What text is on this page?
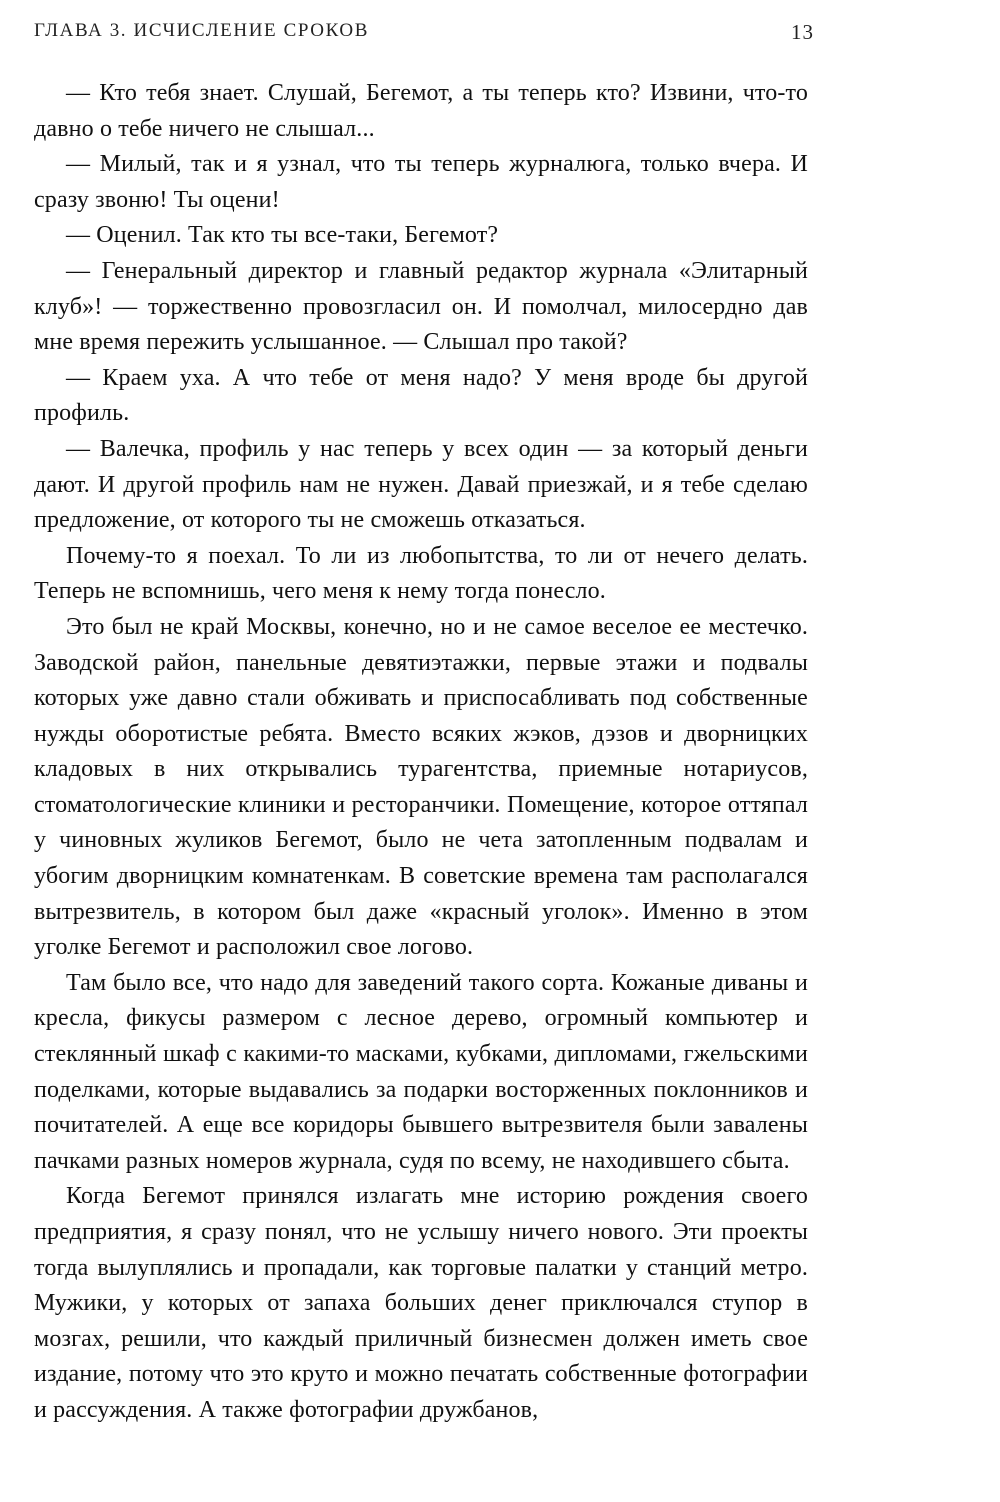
ГЛАВА 3. ИСЧИСЛЕНИЕ СРОКОВ	13

— Кто тебя знает. Слушай, Бегемот, а ты теперь кто? Извини, что-то давно о тебе ничего не слышал...

— Милый, так и я узнал, что ты теперь журналюга, только вчера. И сразу звоню! Ты оцени!

— Оценил. Так кто ты все-таки, Бегемот?

— Генеральный директор и главный редактор журнала «Элитарный клуб»! — торжественно провозгласил он. И помолчал, милосердно дав мне время пережить услышанное. — Слышал про такой?

— Краем уха. А что тебе от меня надо? У меня вроде бы другой профиль.

— Валечка, профиль у нас теперь у всех один — за который деньги дают. И другой профиль нам не нужен. Давай приезжай, и я тебе сделаю предложение, от которого ты не сможешь отказаться.

Почему-то я поехал. То ли из любопытства, то ли от нечего делать. Теперь не вспомнишь, чего меня к нему тогда понесло.

Это был не край Москвы, конечно, но и не самое веселое ее местечко. Заводской район, панельные девятиэтажки, первые этажи и подвалы которых уже давно стали обживать и приспосабливать под собственные нужды оборотистые ребята. Вместо всяких жэков, дэзов и дворницких кладовых в них открывались турагентства, приемные нотариусов, стоматологические клиники и ресторанчики. Помещение, которое оттяпал у чиновных жуликов Бегемот, было не чета затопленным подвалам и убогим дворницким комнатенкам. В советские времена там располагался вытрезвитель, в котором был даже «красный уголок». Именно в этом уголке Бегемот и расположил свое логово.

Там было все, что надо для заведений такого сорта. Кожаные диваны и кресла, фикусы размером с лесное дерево, огромный компьютер и стеклянный шкаф с какими-то масками, кубками, дипломами, гжельскими поделками, которые выдавались за подарки восторженных поклонников и почитателей. А еще все коридоры бывшего вытрезвителя были завалены пачками разных номеров журнала, судя по всему, не находившего сбыта.

Когда Бегемот принялся излагать мне историю рождения своего предприятия, я сразу понял, что не услышу ничего нового. Эти проекты тогда вылуплялись и пропадали, как торговые палатки у станций метро. Мужики, у которых от запаха больших денег приключался ступор в мозгах, решили, что каждый приличный бизнесмен должен иметь свое издание, потому что это круто и можно печатать собственные фотографии и рассуждения. А также фотографии дружбанов,
